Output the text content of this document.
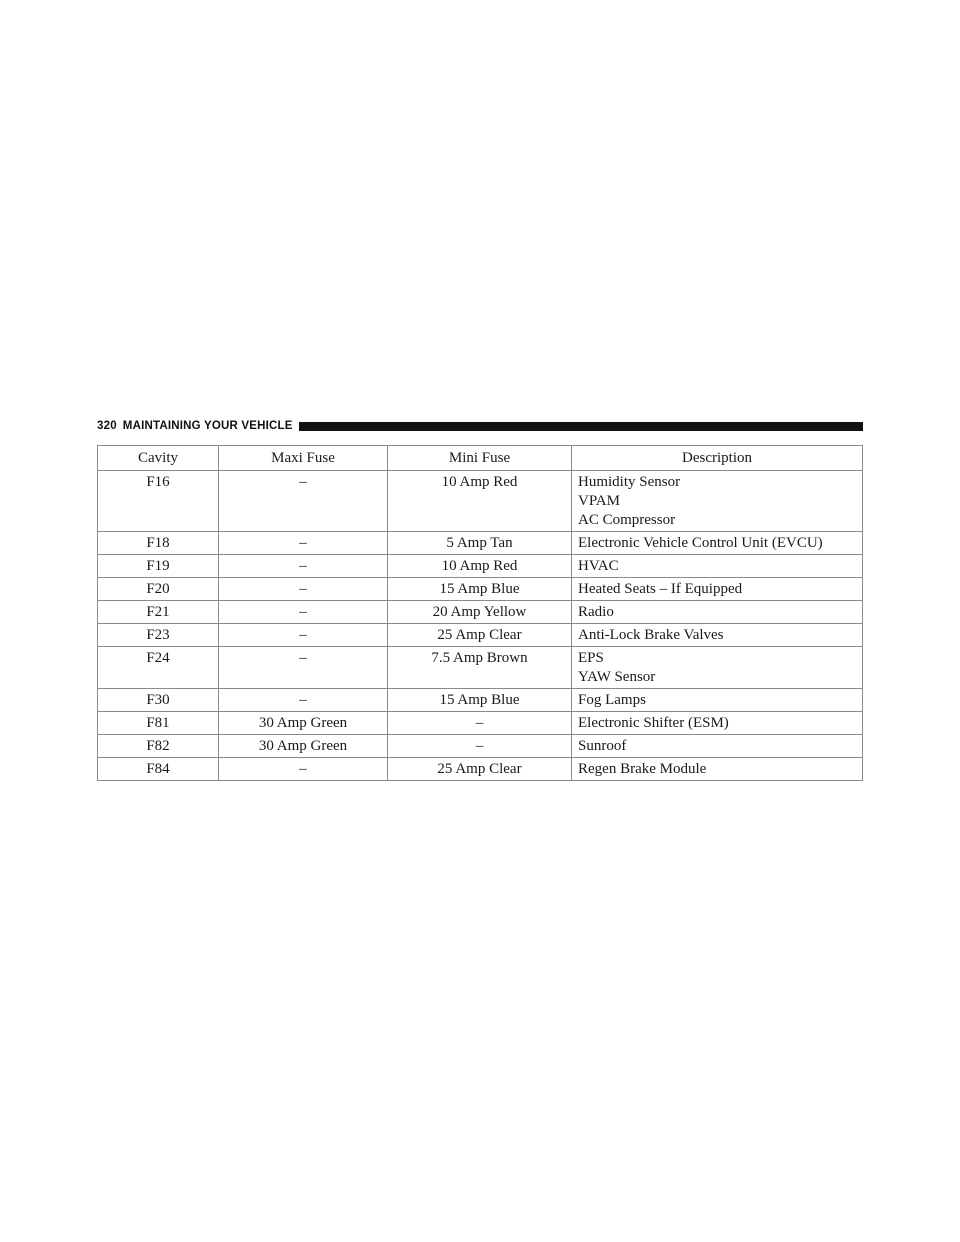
320 MAINTAINING YOUR VEHICLE
Cavity	Maxi Fuse	Mini Fuse	Description
F16	–	10 Amp Red	Humidity Sensor
VPAM
AC Compressor

F18	–	5 Amp Tan	Electronic Vehicle Control Unit (EVCU)

F19	–	10 Amp Red	HVAC

F20	–	15 Amp Blue	Heated Seats – If Equipped

F21	–	20 Amp Yellow	Radio

F23	–	25 Amp Clear	Anti-Lock Brake Valves

F24	–	7.5 Amp Brown	EPS
YAW Sensor

F30	–	15 Amp Blue	Fog Lamps

F81	30 Amp Green	–	Electronic Shifter (ESM)

F82	30 Amp Green	–	Sunroof

F84	–	25 Amp Clear	Regen Brake Module
